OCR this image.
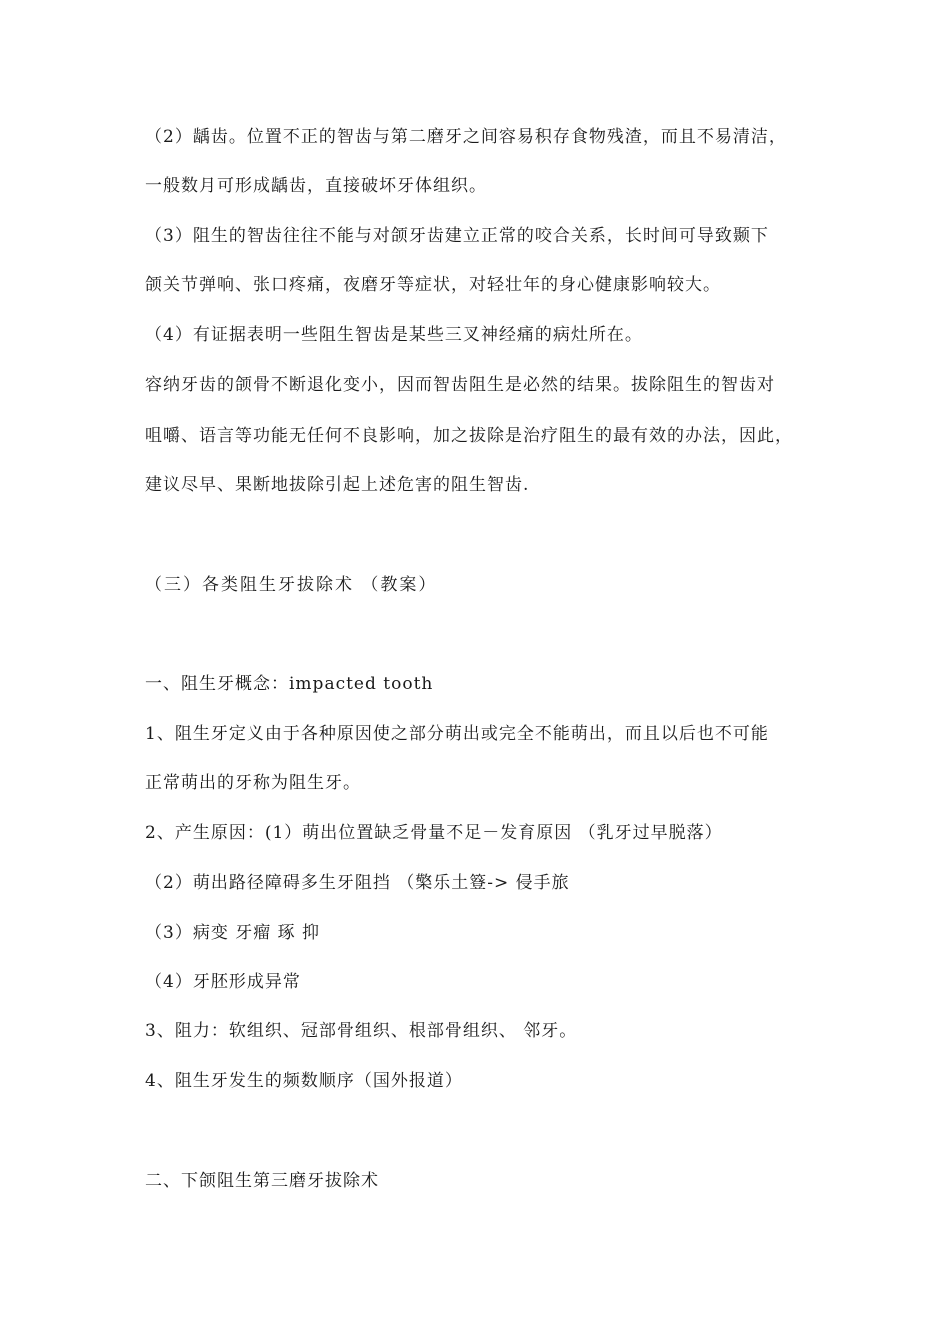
（2）龋齿。位置不正的智齿与第二磨牙之间容易积存食物残渣，而且不易清洁，
一般数月可形成龋齿，直接破坏牙体组织。
（3）阻生的智齿往往不能与对颌牙齿建立正常的咬合关系，长时间可导致颞下
颌关节弹响、张口疼痛，夜磨牙等症状，对轻壮年的身心健康影响较大。
（4）有证据表明一些阻生智齿是某些三叉神经痛的病灶所在。
容纳牙齿的颌骨不断退化变小，因而智齿阻生是必然的结果。拔除阻生的智齿对
咀嚼、语言等功能无任何不良影响，加之拔除是治疗阻生的最有效的办法，因此，
建议尽早、果断地拔除引起上述危害的阻生智齿.
（三）各类阻生牙拔除术 （教案）
一、阻生牙概念：impacted tooth
1、阻生牙定义由于各种原因使之部分萌出或完全不能萌出，而且以后也不可能
正常萌出的牙称为阻生牙。
2、产生原因：(1）萌出位置缺乏骨量不足－发育原因 （乳牙过早脱落）
（2）萌出路径障碍多生牙阻挡 （檠乐土簦-> 侵手旅
（3）病变 牙瘤 琢 抑
（4）牙胚形成异常
3、阻力：软组织、冠部骨组织、根部骨组织、 邻牙。
4、阻生牙发生的频数顺序（国外报道）
二、下颌阻生第三磨牙拔除术
